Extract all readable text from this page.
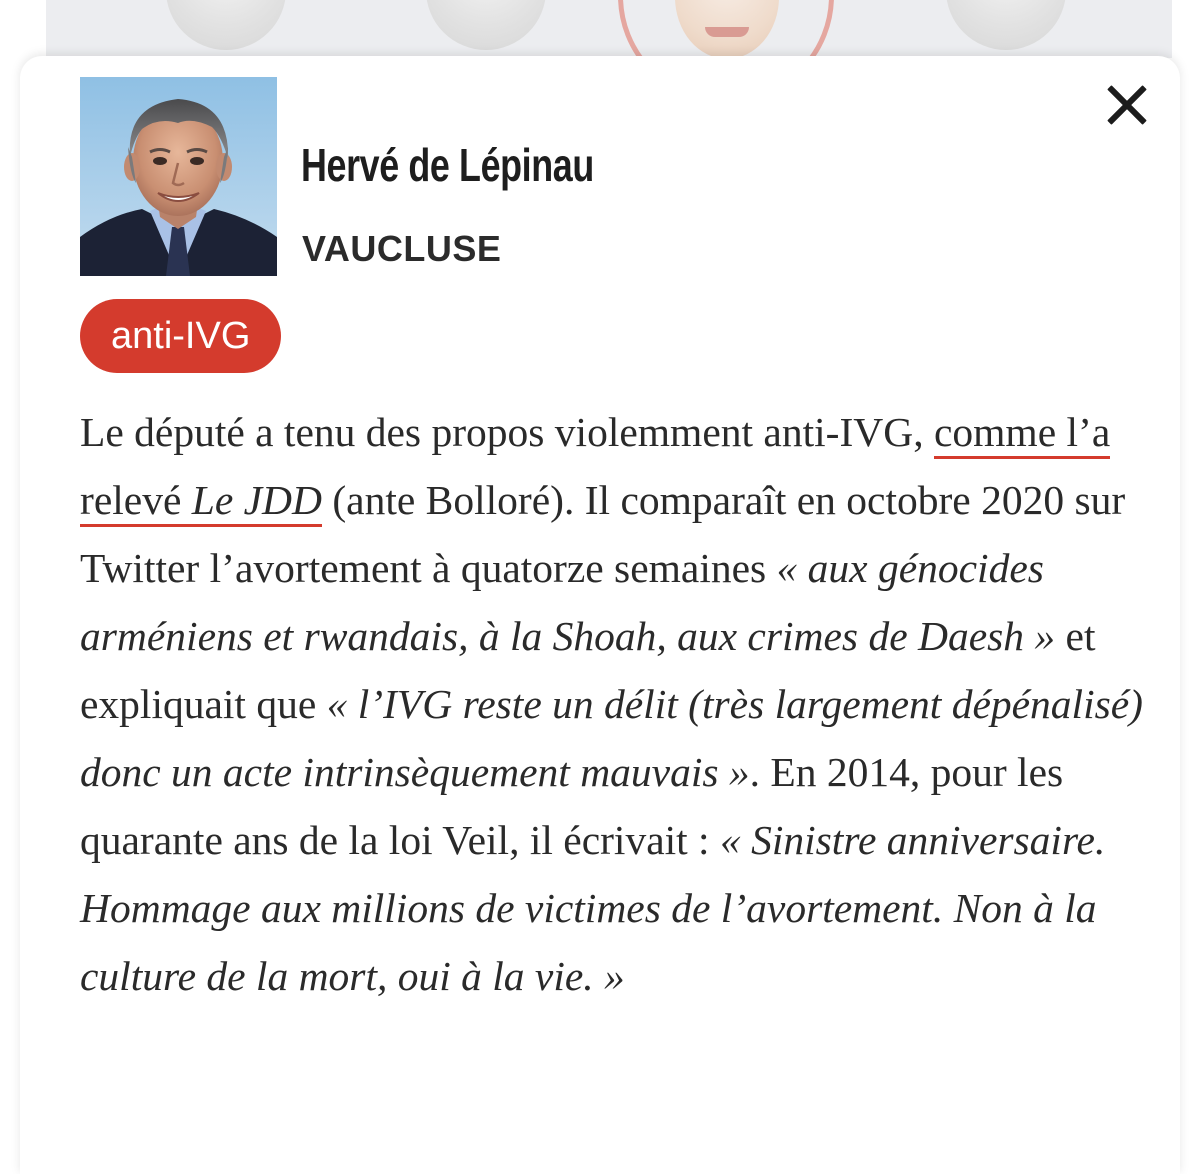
Hervé de Lépinau
VAUCLUSE
anti-IVG

Le député a tenu des propos violemment anti-IVG, comme l’a relevé Le JDD (ante Bolloré). Il comparaît en octobre 2020 sur Twitter l’avortement à quatorze semaines « aux génocides arméniens et rwandais, à la Shoah, aux crimes de Daesh » et expliquait que « l’IVG reste un délit (très largement dépénalisé) donc un acte intrinsèquement mauvais ». En 2014, pour les quarante ans de la loi Veil, il écrivait : « Sinistre anniversaire. Hommage aux millions de victimes de l’avortement. Non à la culture de la mort, oui à la vie. »
